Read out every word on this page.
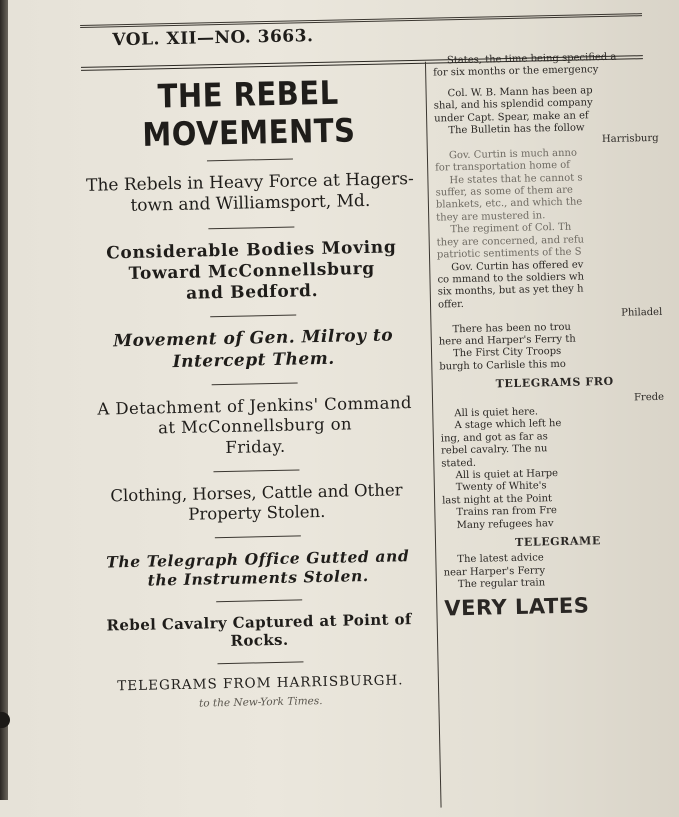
VOL. XII—NO. 3663.
THE REBEL MOVEMENTS
The Rebels in Heavy Force at Hagers-
town and Williamsport, Md.
Considerable Bodies Moving
Toward McConnellsburg
and Bedford.
Movement of Gen. Milroy to
Intercept Them.
A Detachment of Jenkins' Command
at McConnellsburg on
Friday.
Clothing, Horses, Cattle and Other
Property Stolen.
The Telegraph Office Gutted and
the Instruments Stolen.
Rebel Cavalry Captured at Point of
Rocks.
TELEGRAMS FROM HARRISBURGH.
to the New-York Times.
States, the time being specified a
for six months or the emergency
Col. W. B. Mann has been ap
shal, and his splendid company
under Capt. Spear, make an ef
The Bulletin has the follow
Harrisburg
Gov. Curtin is much anno
for transportation home of
He states that he cannot s
suffer, as some of them are
blankets, etc., and which the
they are mustered in.
The regiment of Col. Th
they are concerned, and refu
patriotic sentiments of the S
Gov. Curtin has offered ev
co mmand to the soldiers wh
six months, but as yet they h
offer.
Philadel
There has been no trou
here and Harper's Ferry th
The First City Troops
burgh to Carlisle this mo
TELEGRAMS FRO
Frede
All is quiet here.
A stage which left he
ing, and got as far as
rebel cavalry. The nu
stated.
All is quiet at Harpe
Twenty of White's
last night at the Point
Trains ran from Fre
Many refugees hav
TELEGRAME
The latest advice
near Harper's Ferry
The regular train
VERY LATES
